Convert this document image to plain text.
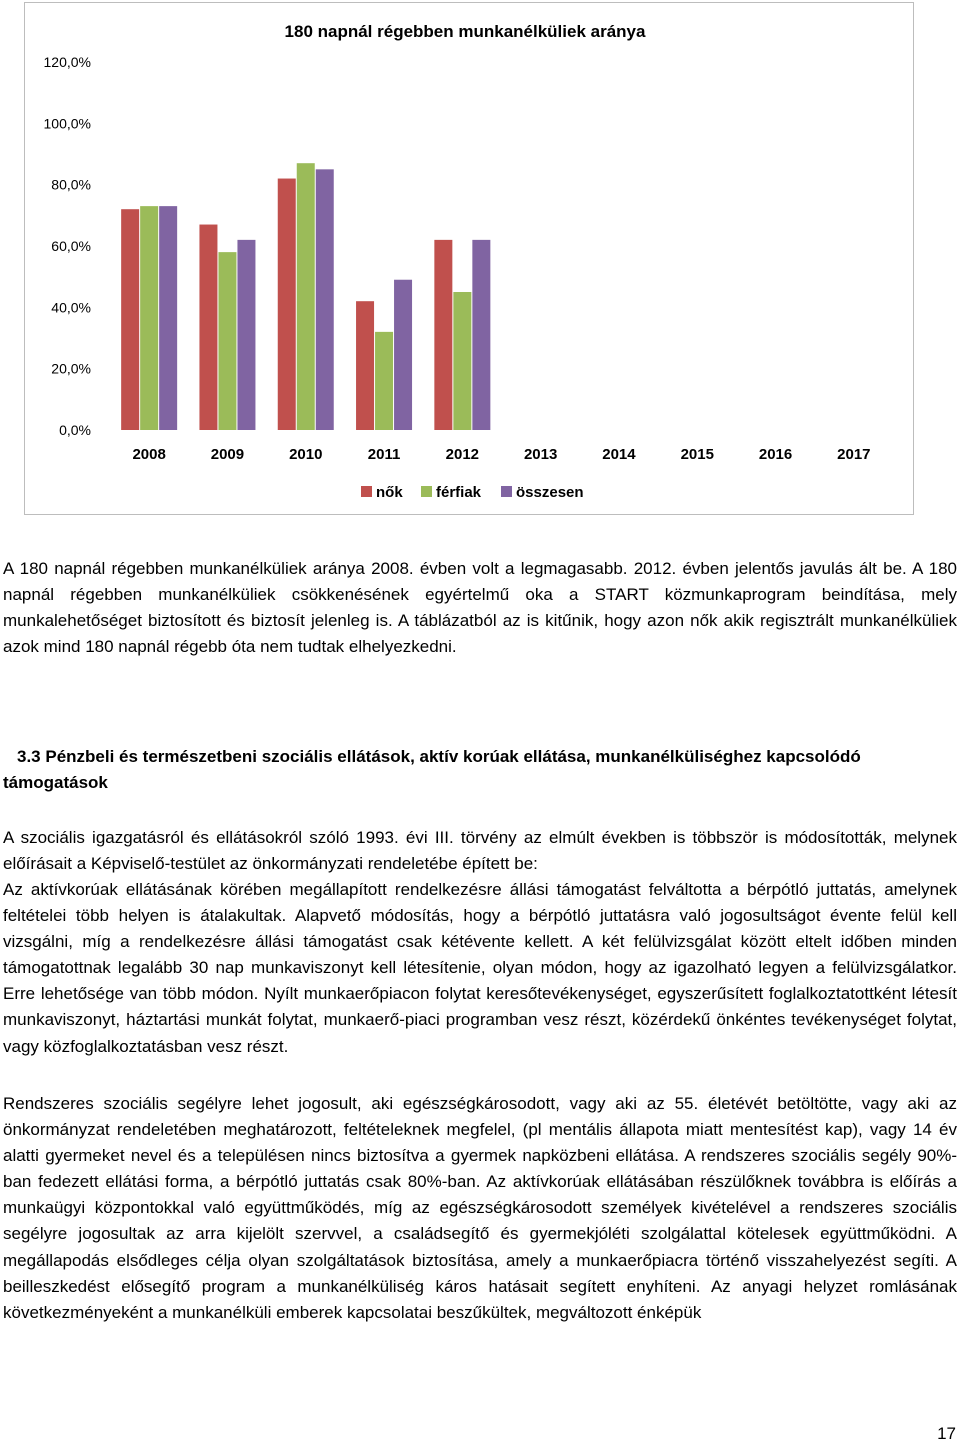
180 napnál régebben munkanélküliek aránya
0,0%
20,0%
40,0%
60,0%
80,0%
100,0%
120,0%
2008	2009	2010	2011	2012	2013	2014	2015	2016	2017
nők férfiak összesen

A 180 napnál régebben munkanélküliek aránya 2008. évben volt a legmagasabb. 2012. évben jelentős javulás ált be. A 180 napnál régebben munkanélküliek csökkenésének egyértelmű oka a START közmunkaprogram beindítása, mely munkalehetőséget biztosított és biztosít jelenleg is. A táblázatból az is kitűnik, hogy azon nők akik regisztrált munkanélküliek azok mind 180 napnál régebb óta nem tudtak elhelyezkedni.

3.3 Pénzbeli és természetbeni szociális ellátások, aktív korúak ellátása, munkanélküliséghez kapcsolódó támogatások

A szociális igazgatásról és ellátásokról szóló 1993. évi III. törvény az elmúlt években is többször is módosították, melynek előírásait a Képviselő-testület az önkormányzati rendeletébe épített be:

Az aktívkorúak ellátásának körében megállapított rendelkezésre állási támogatást felváltotta a bérpótló juttatás, amelynek feltételei több helyen is átalakultak. Alapvető módosítás, hogy a bérpótló juttatásra való jogosultságot évente felül kell vizsgálni, míg a rendelkezésre állási támogatást csak kétévente kellett. A két felülvizsgálat között eltelt időben minden támogatottnak legalább 30 nap munkaviszonyt kell létesítenie, olyan módon, hogy az igazolható legyen a felülvizsgálatkor. Erre lehetősége van több módon. Nyílt munkaerőpiacon folytat keresőtevékenységet, egyszerűsített foglalkoztatottként létesít munkaviszonyt, háztartási munkát folytat, munkaerő-piaci programban vesz részt, közérdekű önkéntes tevékenységet folytat, vagy közfoglalkoztatásban vesz részt.

Rendszeres szociális segélyre lehet jogosult, aki egészségkárosodott, vagy aki az 55. életévét betöltötte, vagy aki az önkormányzat rendeletében meghatározott, feltételeknek megfelel, (pl mentális állapota miatt mentesítést kap), vagy 14 év alatti gyermeket nevel és a településen nincs biztosítva a gyermek napközbeni ellátása. A rendszeres szociális segély 90%-ban fedezett ellátási forma, a bérpótló juttatás csak 80%-ban. Az aktívkorúak ellátásában részülőknek továbbra is előírás a munkaügyi központokkal való együttműködés, míg az egészségkárosodott személyek kivételével a rendszeres szociális segélyre jogosultak az arra kijelölt szervvel, a családsegítő és gyermekjóléti szolgálattal kötelesek együttműködni. A megállapodás elsődleges célja olyan szolgáltatások biztosítása, amely a munkaerőpiacra történő visszahelyezést segíti. A beilleszkedést elősegítő program a munkanélküliség káros hatásait segített enyhíteni. Az anyagi helyzet romlásának következményeként a munkanélküli emberek kapcsolatai beszűkültek, megváltozott énképük

17
